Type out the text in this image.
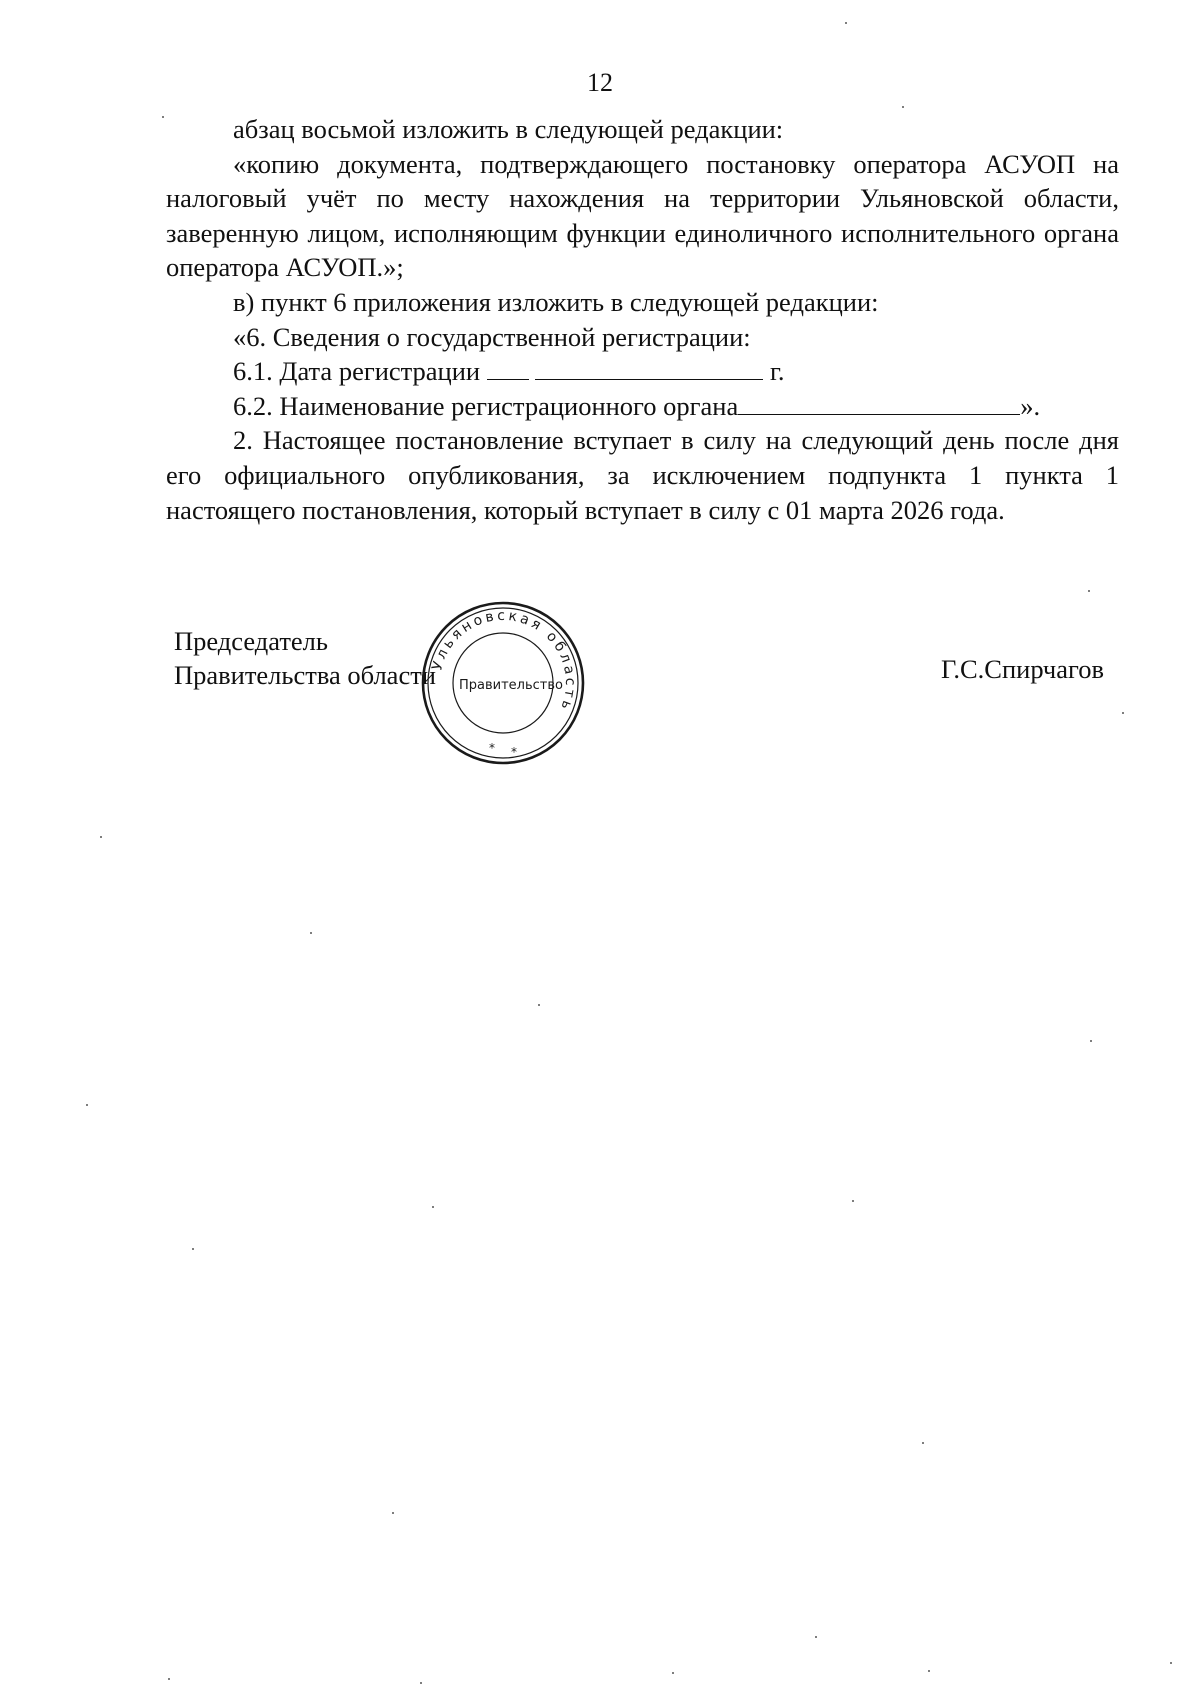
12

абзац восьмой изложить в следующей редакции:

«копию документа, подтверждающего постановку оператора АСУОП на налоговый учёт по месту нахождения на территории Ульяновской области, заверенную лицом, исполняющим функции единоличного исполнительного органа оператора АСУОП.»;

в) пункт 6 приложения изложить в следующей редакции:

«6. Сведения о государственной регистрации:

6.1. Дата регистрации	г.

6.2. Наименование регистрационного органа	».

2. Настоящее постановление вступает в силу на следующий день после дня его официального опубликования, за исключением подпункта 1 пункта 1 настоящего постановления, который вступает в силу с 01 марта 2026 года.

Председатель
Правительства области
Ульяновская область
Правительство
* *
Г.С.Спирчагов
